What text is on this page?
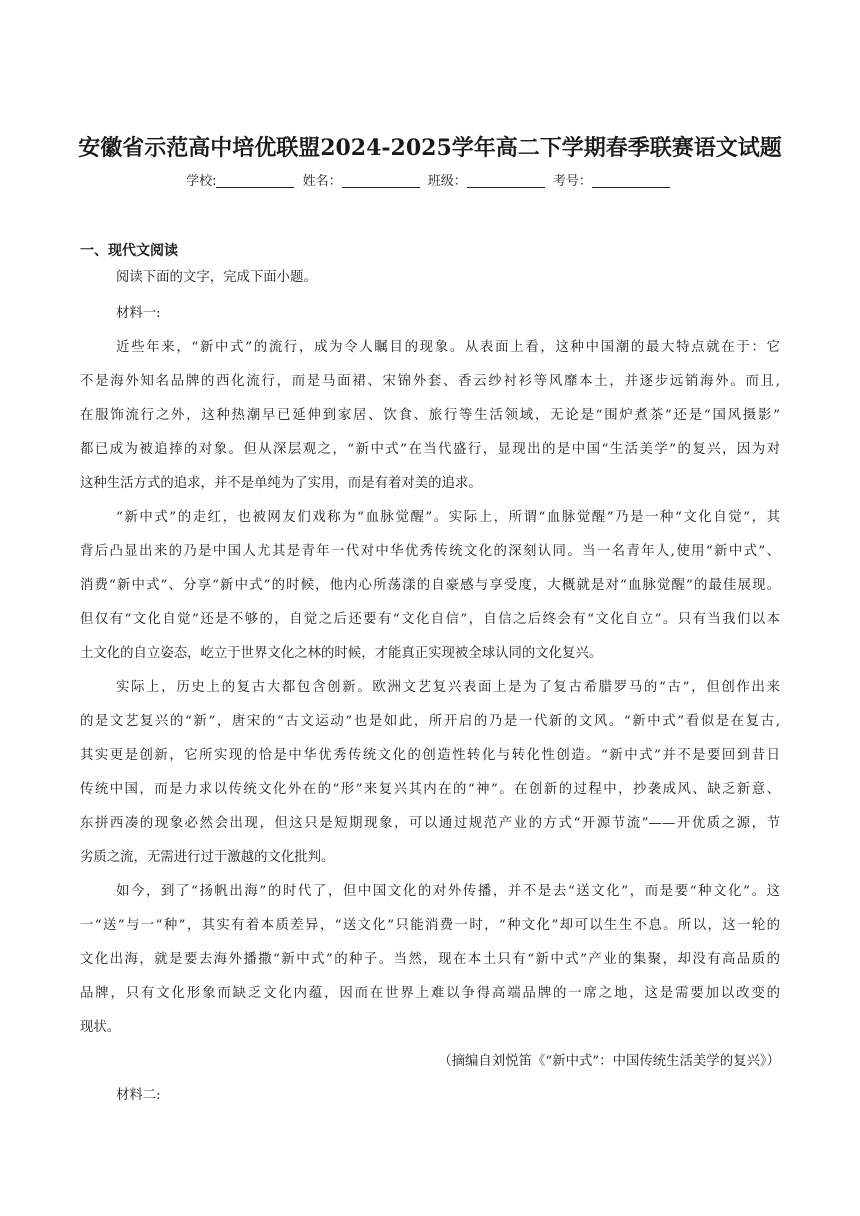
安徽省示范高中培优联盟2024-2025学年高二下学期春季联赛语文试题
学校:	姓名：	班级：	考号：
一、现代文阅读
阅读下面的文字，完成下面小题。
材料一:
近些年来，“新中式”的流行，成为令人瞩目的现象。从表面上看，这种中国潮的最大特点就在于：它
不是海外知名品牌的西化流行，而是马面裙、宋锦外套、香云纱衬衫等风靡本土，并逐步远销海外。而且,
在服饰流行之外，这种热潮早已延伸到家居、饮食、旅行等生活领域，无论是“围炉煮茶”还是“国风摄影”
都已成为被追捧的对象。但从深层观之，“新中式”在当代盛行，显现出的是中国“生活美学”的复兴，因为对
这种生活方式的追求，并不是单纯为了实用，而是有着对美的追求。
“新中式”的走红，也被网友们戏称为“血脉觉醒”。实际上，所谓“血脉觉醒”乃是一种“文化自觉”，其
背后凸显出来的乃是中国人尤其是青年一代对中华优秀传统文化的深刻认同。当一名青年人,使用“新中式”、
消费“新中式”、分享“新中式”的时候，他内心所荡漾的自豪感与享受度，大概就是对“血脉觉醒”的最佳展现。
但仅有“文化自觉”还是不够的，自觉之后还要有“文化自信”，自信之后终会有“文化自立”。只有当我们以本
土文化的自立姿态，屹立于世界文化之林的时候，才能真正实现被全球认同的文化复兴。
实际上，历史上的复古大都包含创新。欧洲文艺复兴表面上是为了复古希腊罗马的“古”，但创作出来
的是文艺复兴的“新”，唐宋的“古文运动”也是如此，所开启的乃是一代新的文风。“新中式”看似是在复古,
其实更是创新，它所实现的恰是中华优秀传统文化的创造性转化与转化性创造。“新中式”并不是要回到昔日
传统中国，而是力求以传统文化外在的“形”来复兴其内在的“神”。在创新的过程中，抄袭成风、缺乏新意、
东拼西凑的现象必然会出现，但这只是短期现象，可以通过规范产业的方式“开源节流”——开优质之源，节
劣质之流，无需进行过于激越的文化批判。
如今，到了“扬帆出海”的时代了，但中国文化的对外传播，并不是去“送文化”，而是要“种文化”。这
一“送”与一“种”，其实有着本质差异，“送文化”只能消费一时，“种文化”却可以生生不息。所以，这一轮的
文化出海，就是要去海外播撒“新中式”的种子。当然，现在本土只有“新中式”产业的集聚，却没有高品质的
品牌，只有文化形象而缺乏文化内蕴，因而在世界上难以争得高端品牌的一席之地，这是需要加以改变的
现状。
（摘编自刘悦笛《“新中式”：中国传统生活美学的复兴》）
材料二:
